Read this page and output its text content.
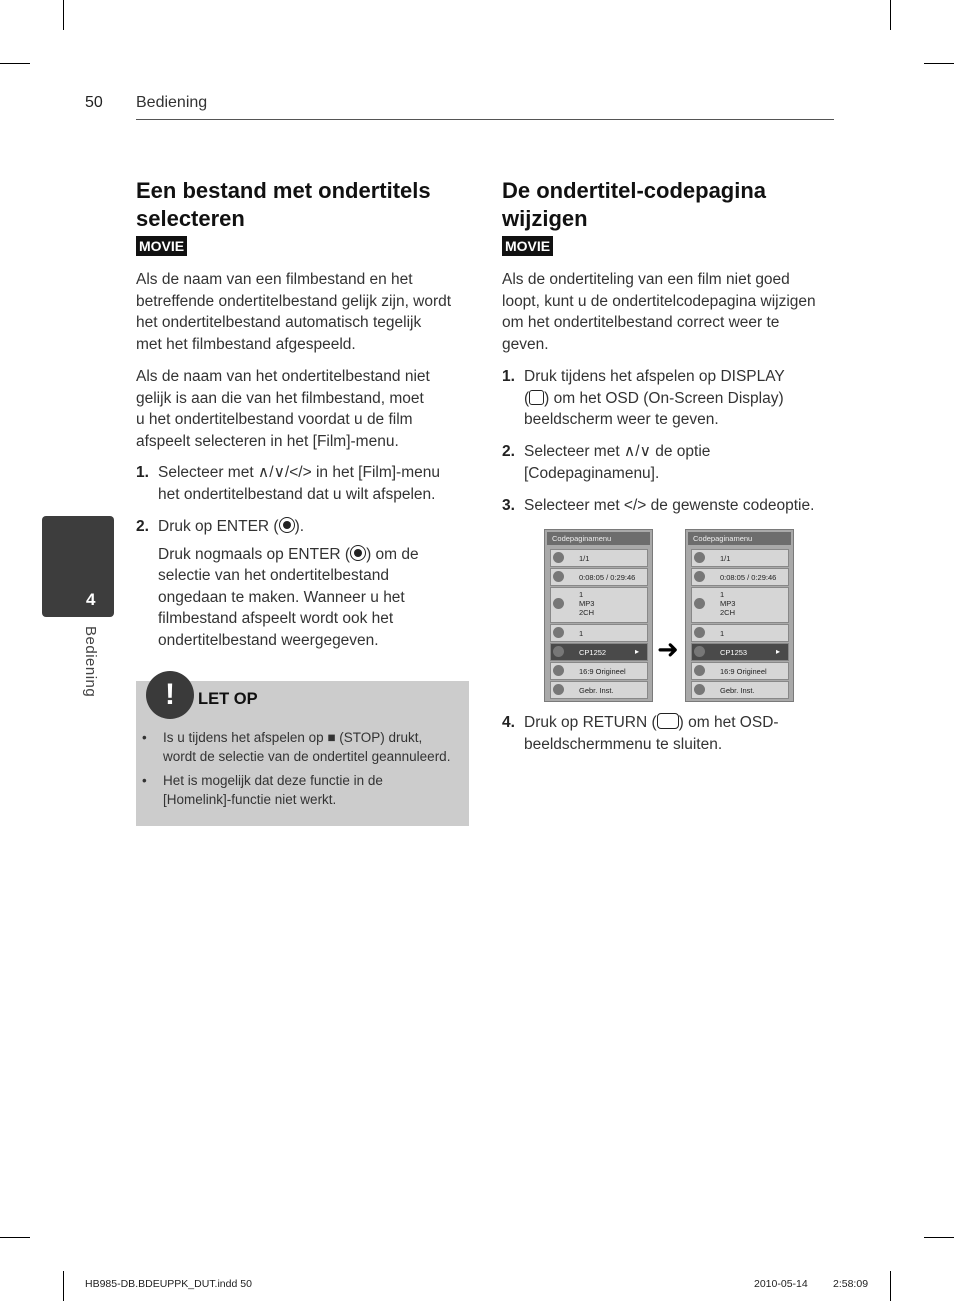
50 Bediening
4
Bediening
Een bestand met ondertitels
selecteren
MOVIE
Als de naam van een filmbestand en het
betreffende ondertitelbestand gelijk zijn, wordt
het ondertitelbestand automatisch tegelijk
met het filmbestand afgespeeld.
Als de naam van het ondertitelbestand niet
gelijk is aan die van het filmbestand, moet
u het ondertitelbestand voordat u de film
afspeelt selecteren in het [Film]-menu.
1. Selecteer met ∧/∨/</> in het [Film]-menu
het ondertitelbestand dat u wilt afspelen.
2. Druk op ENTER ( ).
Druk nogmaals op ENTER ( ) om de
selectie van het ondertitelbestand
ongedaan te maken. Wanneer u het
filmbestand afspeelt wordt ook het
ondertitelbestand weergegeven.
!	LET OP
• Is u tijdens het afspelen op ■ (STOP) drukt,
wordt de selectie van de ondertitel geannuleerd.
• Het is mogelijk dat deze functie in de
[Homelink]-functie niet werkt.
De ondertitel-codepagina
wijzigen
MOVIE
Als de ondertiteling van een film niet goed
loopt, kunt u de ondertitelcodepagina wijzigen
om het ondertitelbestand correct weer te
geven.
1. Druk tijdens het afspelen op DISPLAY
( ) om het OSD (On-Screen Display)
beeldscherm weer te geven.
2. Selecteer met ∧/∨ de optie
[Codepaginamenu].
3. Selecteer met </> de gewenste codeoptie.
Codepaginamenu
1/1
0:08:05 / 0:29:46
1
MP3
2CH
1
CP1252	▸
16:9 Origineel
Gebr. Inst.
➜
Codepaginamenu
1/1
0:08:05 / 0:29:46
1
MP3
2CH
1
CP1253	▸
16:9 Origineel
Gebr. Inst.
4. Druk op RETURN ( ) om het OSD-
beeldschermmenu te sluiten.
HB985-DB.BDEUPPK_DUT.indd 50	2010-05-14 2:58:09
